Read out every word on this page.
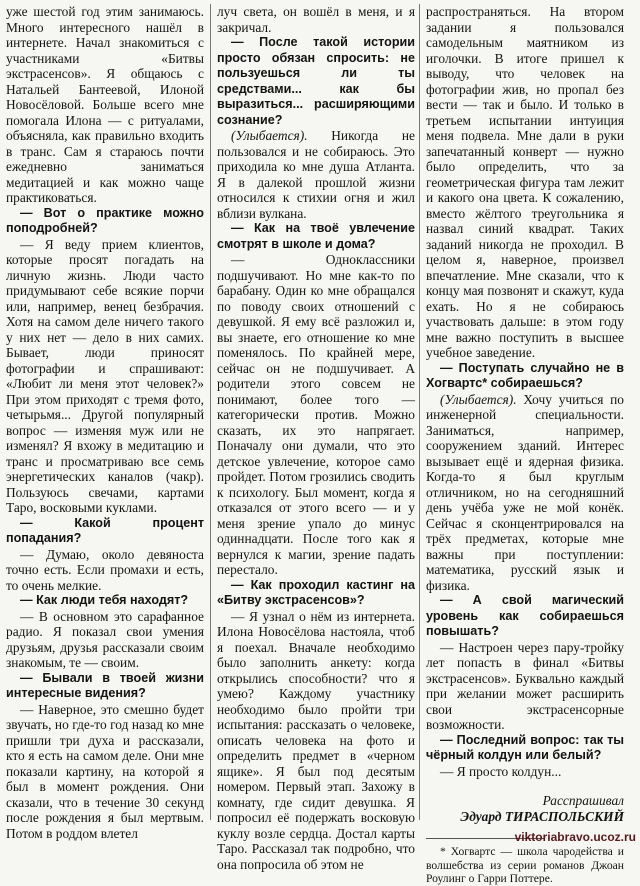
уже шестой год этим занимаюсь. Много интересного нашёл в интернете. Начал знакомиться с участниками «Битвы экстрасенсов». Я общаюсь с Натальей Бантеевой, Илоной Новосёловой. Больше всего мне помогала Илона — с ритуалами, объясняла, как правильно входить в транс. Сам я стараюсь почти ежедневно заниматься медитацией и как можно чаще практиковаться.

— Вот о практике можно поподробней?

— Я веду прием клиентов, которые просят погадать на личную жизнь. Люди часто придумывают себе всякие порчи или, например, венец безбрачия. Хотя на самом деле ничего такого у них нет — дело в них самих. Бывает, люди приносят фотографии и спрашивают: «Любит ли меня этот человек?» При этом приходят с тремя фото, четырьмя... Другой популярный вопрос — изменяя муж или не изменял? Я вхожу в медитацию и транс и просматриваю все семь энергетических каналов (чакр). Пользуюсь свечами, картами Таро, восковыми куклами.

— Какой процент попадания?

— Думаю, около девяноста точно есть. Если промахи и есть, то очень мелкие.

— Как люди тебя находят?

— В основном это сарафанное радио. Я показал свои умения друзьям, друзья рассказали своим знакомым, те — своим.

— Бывали в твоей жизни интересные видения?

— Наверное, это смешно будет звучать, но где-то год назад ко мне пришли три духа и рассказали, кто я есть на самом деле. Они мне показали картину, на которой я был в момент рождения. Они сказали, что в течение 30 секунд после рождения я был мертвым. Потом в роддом влетел

луч света, он вошёл в меня, и я закричал.

— После такой истории просто обязан спросить: не пользуешься ли ты средствами... как бы выразиться... расширяющими сознание?

(Улыбается). Никогда не пользовался и не собираюсь. Это приходила ко мне душа Атланта. Я в далекой прошлой жизни относился к стихии огня и жил вблизи вулкана.

— Как на твоё увлечение смотрят в школе и дома?

— Одноклассники подшучивают. Но мне как-то по барабану. Один ко мне обращался по поводу своих отношений с девушкой. Я ему всё разложил и, вы знаете, его отношение ко мне поменялось. По крайней мере, сейчас он не подшучивает. А родители этого совсем не понимают, более того — категорически против. Можно сказать, их это напрягает. Поначалу они думали, что это детское увлечение, которое само пройдет. Потом грозились сводить к психологу. Был момент, когда я отказался от этого всего — и у меня зрение упало до минус одиннадцати. После того как я вернулся к магии, зрение падать перестало.

— Как проходил кастинг на «Битву экстрасенсов»?

— Я узнал о нём из интернета. Илона Новосёлова настояла, чтоб я поехал. Вначале необходимо было заполнить анкету: когда открылись способности? что я умею? Каждому участнику необходимо было пройти три испытания: рассказать о человеке, описать человека на фото и определить предмет в «черном ящике». Я был под десятым номером. Первый этап. Захожу в комнату, где сидит девушка. Я попросил её подержать восковую куклу возле сердца. Достал карты Таро. Рассказал так подробно, что она попросила об этом не

распространяться. На втором задании я пользовался самодельным маятником из иголочки. В итоге пришел к выводу, что человек на фотографии жив, но пропал без вести — так и было. И только в третьем испытании интуиция меня подвела. Мне дали в руки запечатанный конверт — нужно было определить, что за геометрическая фигура там лежит и какого она цвета. К сожалению, вместо жёлтого треугольника я назвал синий квадрат. Таких заданий никогда не проходил. В целом я, наверное, произвел впечатление. Мне сказали, что к концу мая позвонят и скажут, куда ехать. Но я не собираюсь участвовать дальше: в этом году мне важно поступить в высшее учебное заведение.

— Поступать случайно не в Хогвартс* собираешься?

(Улыбается). Хочу учиться по инженерной специальности. Заниматься, например, сооружением зданий. Интерес вызывает ещё и ядерная физика. Когда-то я был круглым отличником, но на сегодняшний день учёба уже не мой конёк. Сейчас я сконцентрировался на трёх предметах, которые мне важны при поступлении: математика, русский язык и физика.

— А свой магический уровень как собираешься повышать?

— Настроен через пару-тройку лет попасть в финал «Битвы экстрасенсов». Буквально каждый при желании может расширить свои экстрасенсорные возможности.

— Последний вопрос: так ты чёрный колдун или белый?

— Я просто колдун...

Расспрашивал
Эдуард ТИРАСПОЛЬСКИЙ
* Хогвартс — школа чародейства и волшебства из серии романов Джоан Роулинг о Гарри Поттере.
viktoriabravo.ucoz.ru
